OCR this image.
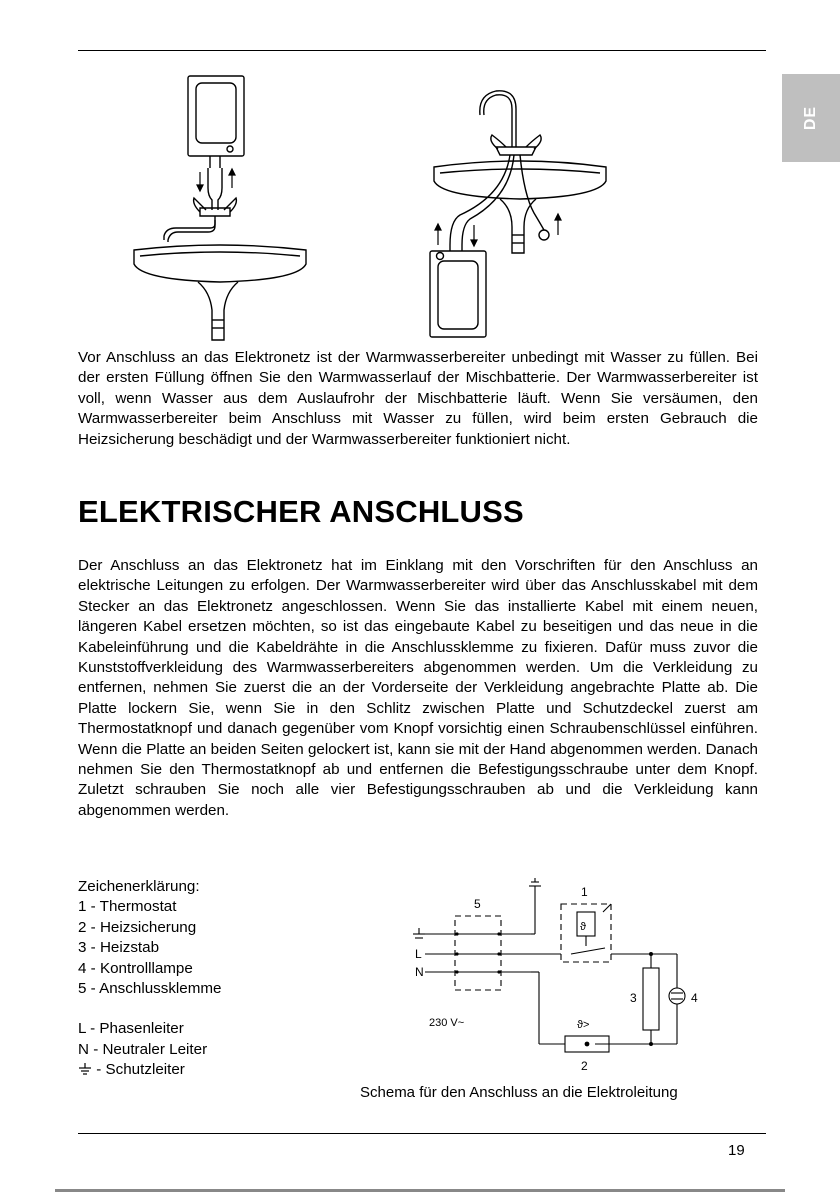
DE

Vor Anschluss an das Elektronetz ist der Warmwasserbereiter unbedingt mit Wasser zu füllen. Bei der ersten Füllung öffnen Sie den Warmwasserlauf der Mischbatterie. Der Warmwasserbereiter ist voll, wenn Wasser aus dem Auslaufrohr der Mischbatterie läuft. Wenn Sie versäumen, den Warmwasserbereiter beim Anschluss mit Wasser zu füllen, wird beim ersten Gebrauch die Heizsicherung beschädigt und der Warmwasserbereiter funktioniert nicht.

ELEKTRISCHER ANSCHLUSS

Der Anschluss an das Elektronetz hat im Einklang mit den Vorschriften für den Anschluss an elektrische Leitungen zu erfolgen. Der Warmwasserbereiter wird über das Anschlusskabel mit dem Stecker an das Elektronetz angeschlossen. Wenn Sie das installierte Kabel mit einem neuen, längeren Kabel ersetzen möchten, so ist das eingebaute Kabel zu beseitigen und das neue in die Kabeleinführung und die Kabeldrähte in die Anschlussklemme zu fixieren. Dafür muss zuvor die Kunststoffverkleidung des Warmwasserbereiters abgenommen werden. Um die Verkleidung zu entfernen, nehmen Sie zuerst die an der Vorderseite der Verkleidung angebrachte Platte ab. Die Platte lockern Sie, wenn Sie in den Schlitz zwischen Platte und Schutzdeckel zuerst am Thermostatknopf und danach gegenüber vom Knopf vorsichtig einen Schraubenschlüssel einführen. Wenn die Platte an beiden Seiten gelockert ist, kann sie mit der Hand abgenommen werden. Danach nehmen Sie den Thermostatknopf ab und entfernen die Befestigungsschraube unter dem Knopf. Zuletzt schrauben Sie noch alle vier Befestigungsschrauben ab und die Verkleidung kann abgenommen werden.

Zeichenerklärung:
1 - Thermostat
2 - Heizsicherung
3 - Heizstab
4 - Kontrolllampe
5 - Anschlussklemme
L - Phasenleiter
N - Neutraler Leiter
- Schutzleiter
1
5
L
N
3	4
2
230 V~	ϑ>
ϑ
Schema für den Anschluss an die Elektroleitung
19
